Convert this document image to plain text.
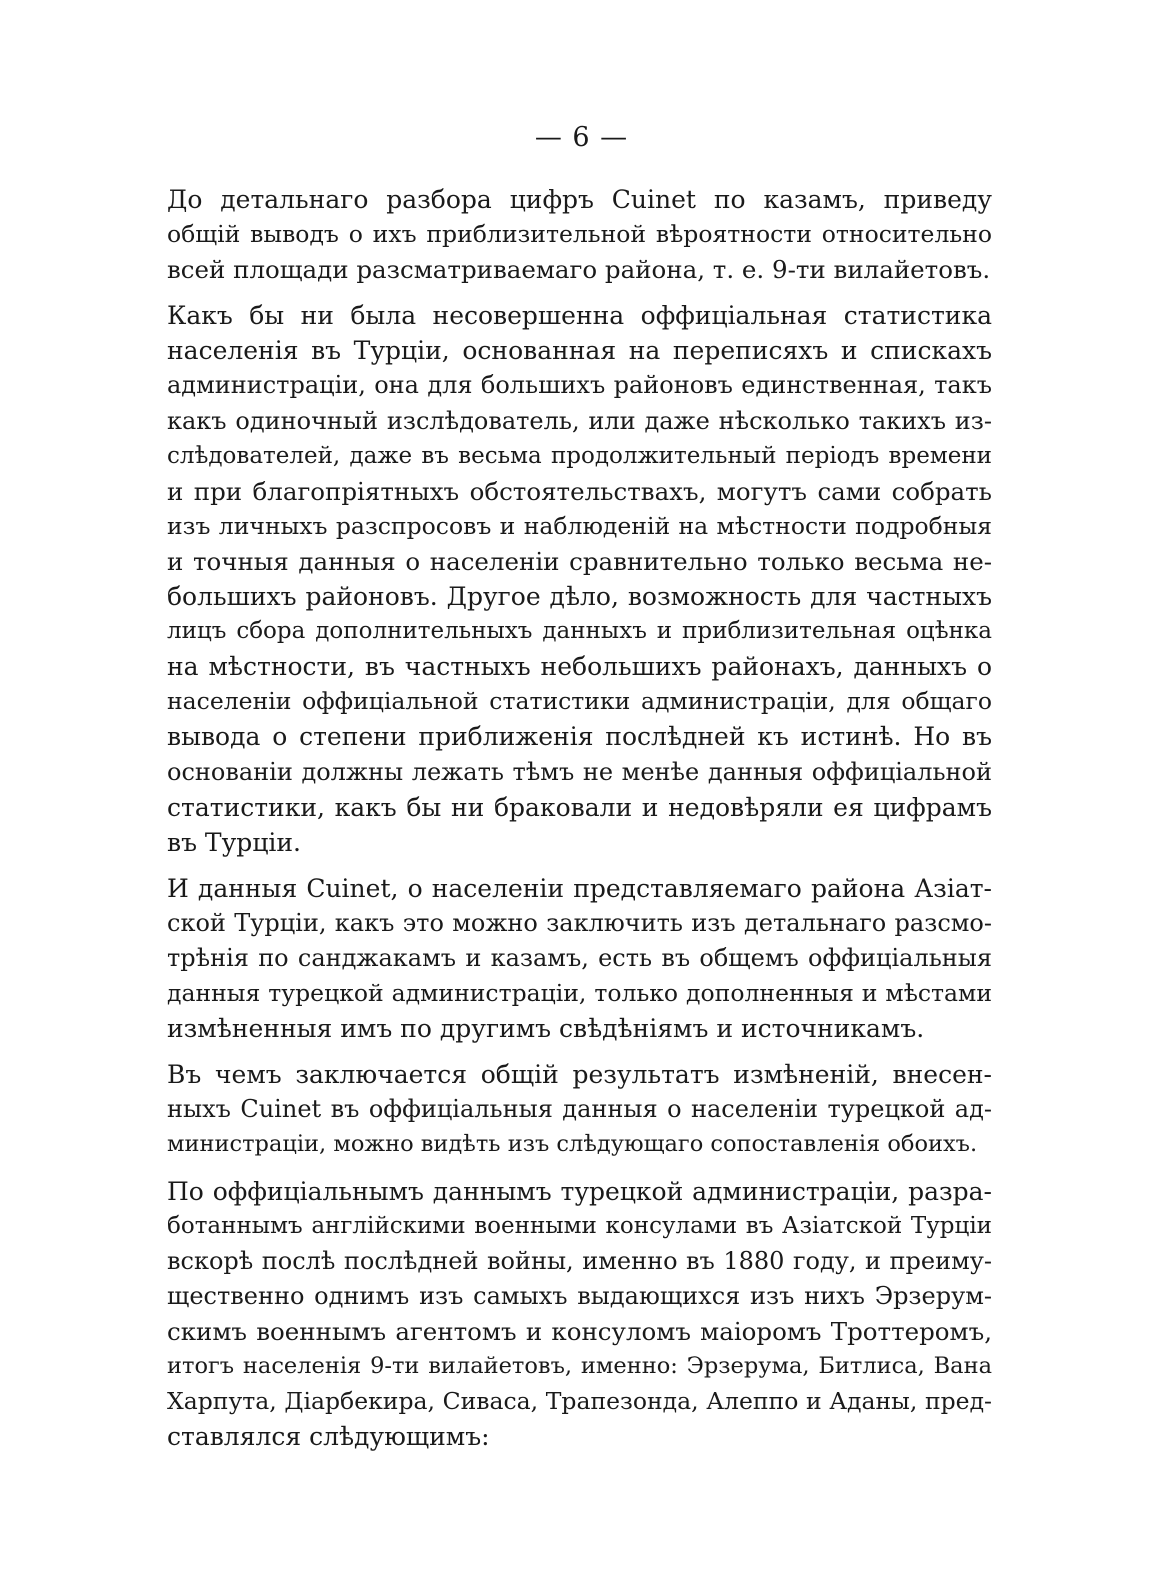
— 6 —

До детальнаго разбора цифръ Cuinet по казамъ, приведу
общій выводъ о ихъ приблизительной вѣроятности относительно
всей площади разсматриваемаго района, т. е. 9-ти вилайетовъ.

Какъ бы ни была несовершенна оффиціальная статистика
населенія въ Турціи, основанная на переписяхъ и спискахъ
администраціи, она для большихъ районовъ единственная, такъ
какъ одиночный изслѣдователь, или даже нѣсколько такихъ из-
слѣдователей, даже въ весьма продолжительный періодъ времени
и при благопріятныхъ обстоятельствахъ, могутъ сами собрать
изъ личныхъ разспросовъ и наблюденій на мѣстности подробныя
и точныя данныя о населеніи сравнительно только весьма не-
большихъ районовъ. Другое дѣло, возможность для частныхъ
лицъ сбора дополнительныхъ данныхъ и приблизительная оцѣнка
на мѣстности, въ частныхъ небольшихъ районахъ, данныхъ о
населеніи оффиціальной статистики администраціи, для общаго
вывода о степени приближенія послѣдней къ истинѣ. Но въ
основаніи должны лежать тѣмъ не менѣе данныя оффиціальной
статистики, какъ бы ни браковали и недовѣряли ея цифрамъ
въ Турціи.

И данныя Cuinet, о населеніи представляемаго района Азіат-
ской Турціи, какъ это можно заключить изъ детальнаго разсмо-
трѣнія по санджакамъ и казамъ, есть въ общемъ оффиціальныя
данныя турецкой администраціи, только дополненныя и мѣстами
измѣненныя имъ по другимъ свѣдѣніямъ и источникамъ.

Въ чемъ заключается общій результатъ измѣненій, внесен-
ныхъ Cuinet въ оффиціальныя данныя о населеніи турецкой ад-
министраціи, можно видѣть изъ слѣдующаго сопоставленія обоихъ.

По оффиціальнымъ даннымъ турецкой администраціи, разра-
ботаннымъ англійскими военными консулами въ Азіатской Турціи
вскорѣ послѣ послѣдней войны, именно въ 1880 году, и преиму-
щественно однимъ изъ самыхъ выдающихся изъ нихъ Эрзерум-
скимъ военнымъ агентомъ и консуломъ маіоромъ Троттеромъ,
итогъ населенія 9-ти вилайетовъ, именно: Эрзерума, Битлиса, Вана
Харпута, Діарбекира, Сиваса, Трапезонда, Алеппо и Аданы, пред-
ставлялся слѣдующимъ:
